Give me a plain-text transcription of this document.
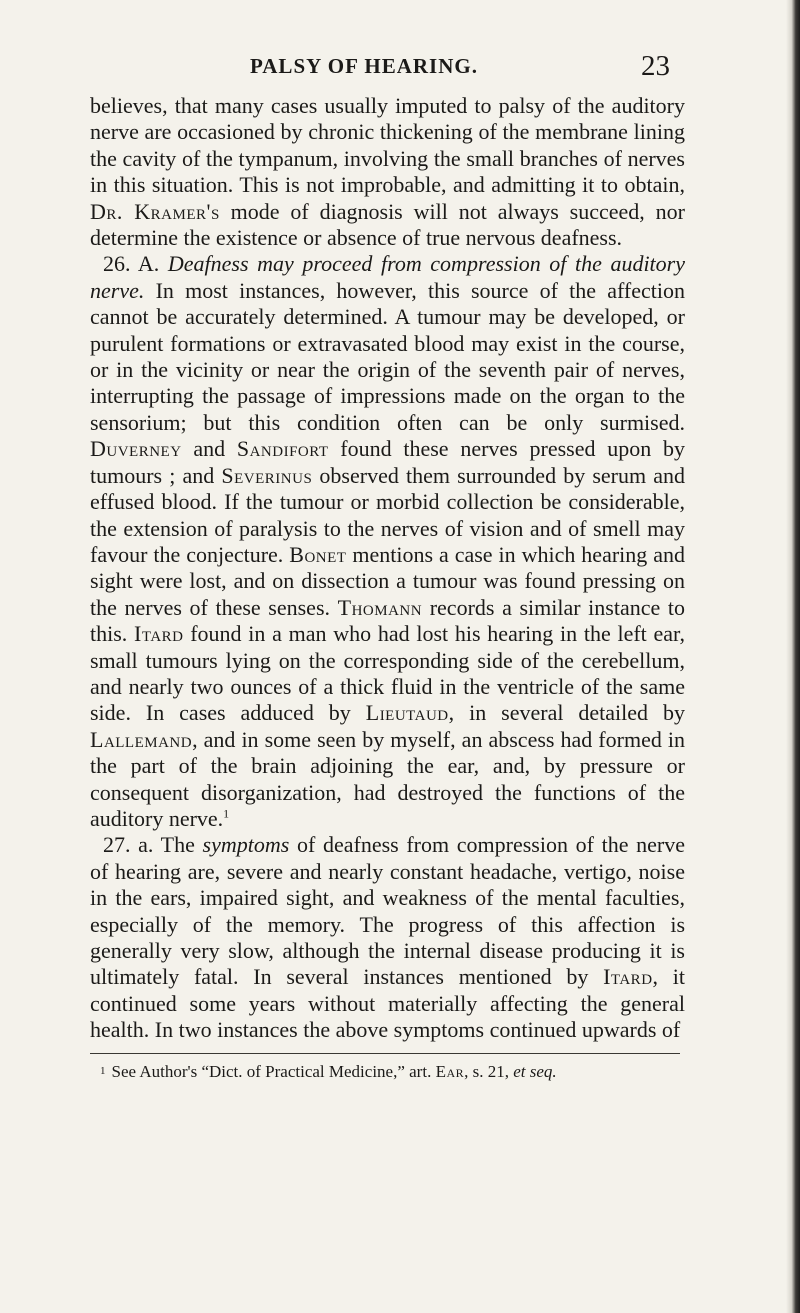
PALSY OF HEARING.	23

believes, that many cases usually imputed to palsy of the auditory nerve are occasioned by chronic thickening of the membrane lining the cavity of the tympanum, involving the small branches of nerves in this situation. This is not improbable, and admitting it to obtain, Dr. Kramer's mode of diagnosis will not always succeed, nor determine the existence or absence of true nervous deafness.

26. A. Deafness may proceed from compression of the auditory nerve. In most instances, however, this source of the affection cannot be accurately determined. A tumour may be developed, or purulent formations or extravasated blood may exist in the course, or in the vicinity or near the origin of the seventh pair of nerves, interrupting the passage of impressions made on the organ to the sensorium; but this condition often can be only surmised. Duverney and Sandifort found these nerves pressed upon by tumours ; and Severinus observed them surrounded by serum and effused blood. If the tumour or morbid collection be considerable, the extension of paralysis to the nerves of vision and of smell may favour the conjecture. Bonet mentions a case in which hearing and sight were lost, and on dissection a tumour was found pressing on the nerves of these senses. Thomann records a similar instance to this. Itard found in a man who had lost his hearing in the left ear, small tumours lying on the corresponding side of the cerebellum, and nearly two ounces of a thick fluid in the ventricle of the same side. In cases adduced by Lieutaud, in several detailed by Lallemand, and in some seen by myself, an abscess had formed in the part of the brain adjoining the ear, and, by pressure or consequent disorganization, had destroyed the functions of the auditory nerve.$^1$

27. a. The symptoms of deafness from compression of the nerve of hearing are, severe and nearly constant headache, vertigo, noise in the ears, impaired sight, and weakness of the mental faculties, especially of the memory. The progress of this affection is generally very slow, although the internal disease producing it is ultimately fatal. In several instances mentioned by Itard, it continued some years without materially affecting the general health. In two instances the above symptoms continued upwards of

1 See Author's “Dict. of Practical Medicine,” art. Ear, s. 21, et seq.
